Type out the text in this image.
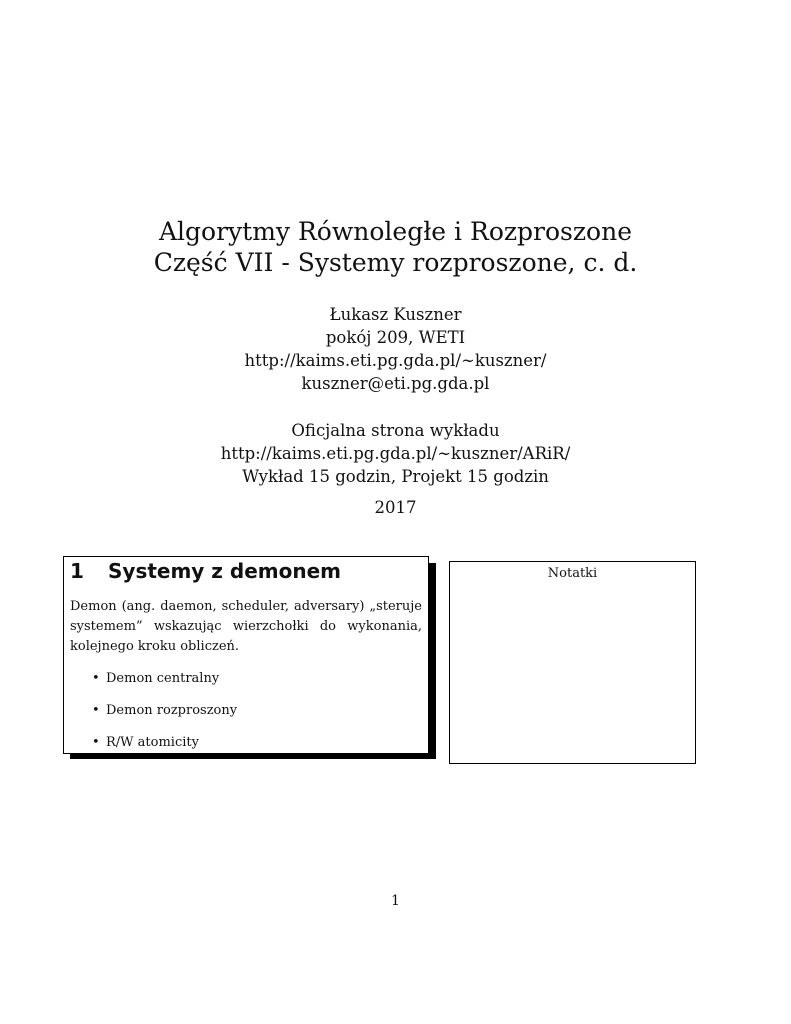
Algorytmy Równoległe i Rozproszone
Część VII - Systemy rozproszone, c. d.
Łukasz Kuszner
pokój 209, WETI
http://kaims.eti.pg.gda.pl/∼kuszner/
kuszner@eti.pg.gda.pl
Oficjalna strona wykładu
http://kaims.eti.pg.gda.pl/∼kuszner/ARiR/
Wykład 15 godzin, Projekt 15 godzin
2017
1 Systemy z demonem
Demon (ang. daemon, scheduler, adversary) „steruje systemem” wskazując wierzchołki do wykonania, kolejnego kroku obliczeń.
• Demon centralny
• Demon rozproszony
• R/W atomicity
Notatki
1
